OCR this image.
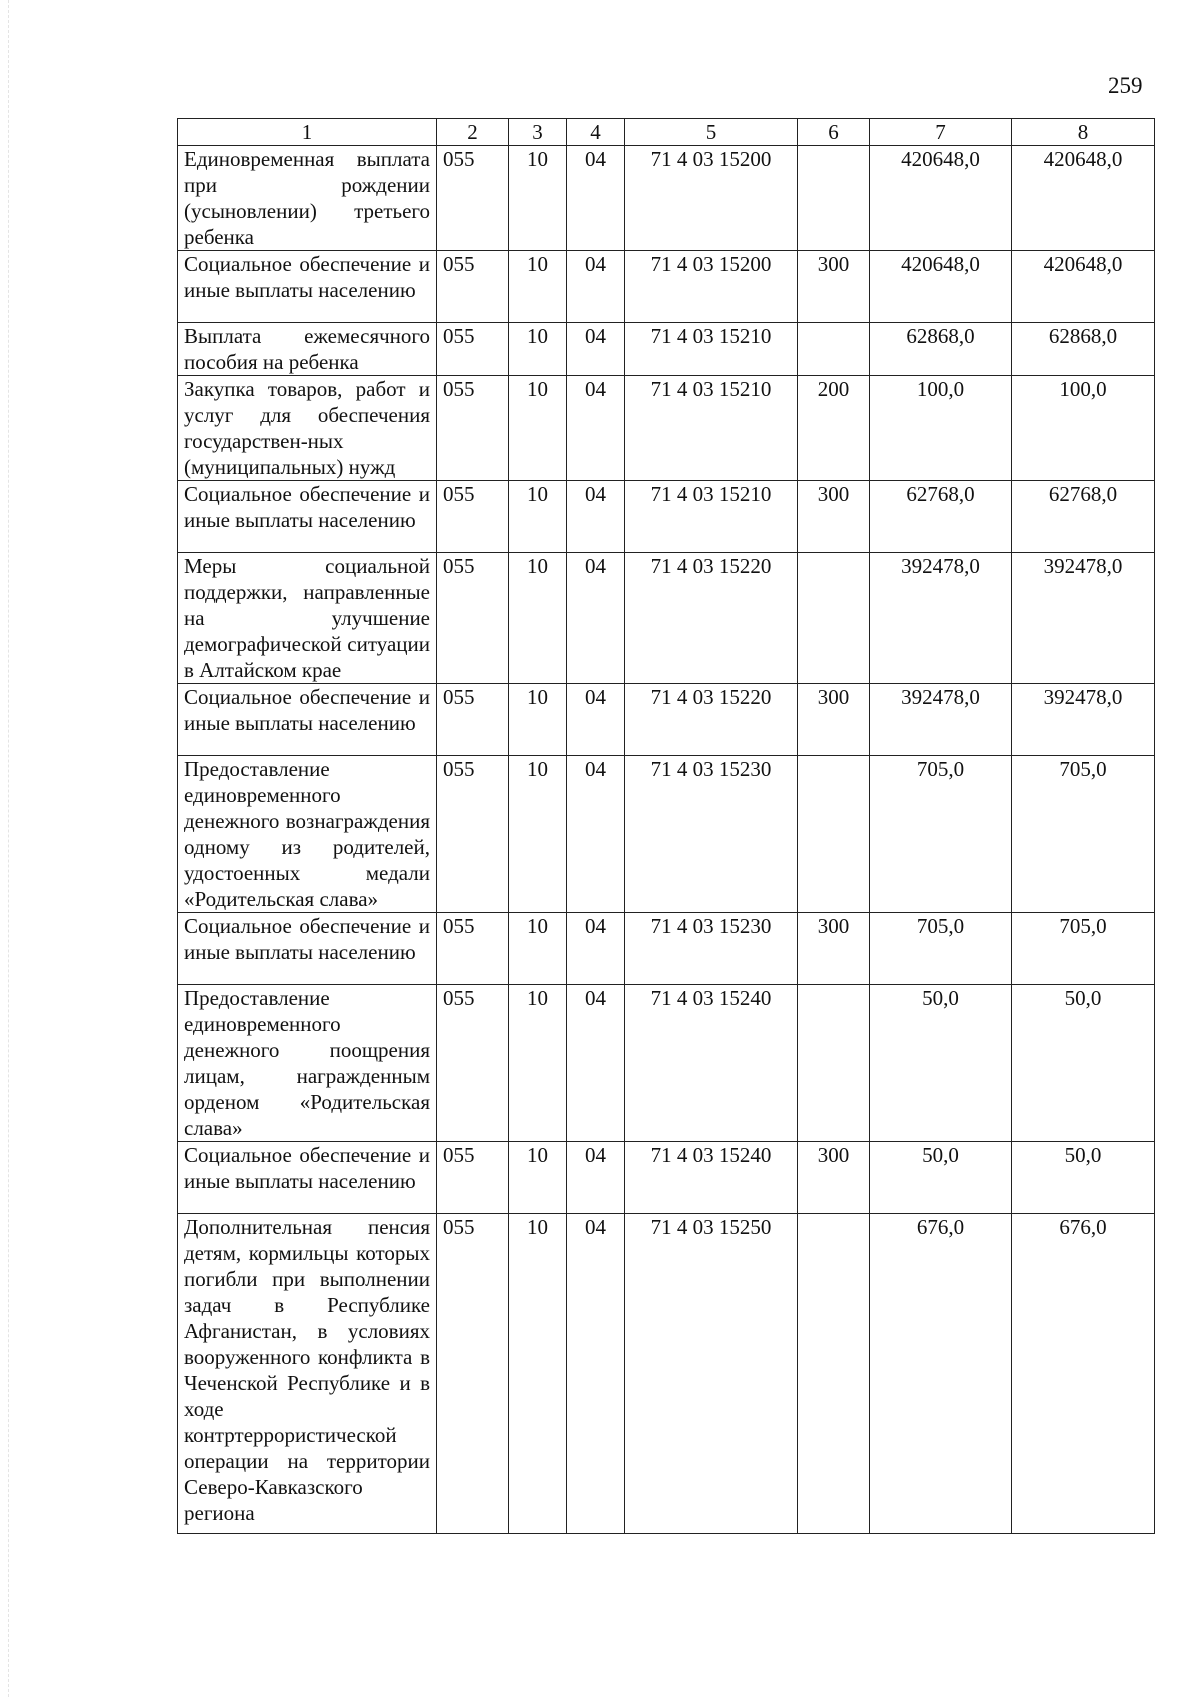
259
1	2	3	4	5	6	7	8
Единовременная выплата при рождении (усыновлении) третьего ребенка	055	10	04	71 4 03 15200		420648,0	420648,0
Социальное обеспечение и иные выплаты населению	055	10	04	71 4 03 15200	300	420648,0	420648,0
Выплата ежемесячного пособия на ребенка	055	10	04	71 4 03 15210		62868,0	62868,0
Закупка товаров, работ и услуг для обеспечения государствен-ных (муниципальных) нужд	055	10	04	71 4 03 15210	200	100,0	100,0
Социальное обеспечение и иные выплаты населению	055	10	04	71 4 03 15210	300	62768,0	62768,0
Меры социальной поддержки, направленные на улучшение демографической ситуации в Алтайском крае	055	10	04	71 4 03 15220		392478,0	392478,0
Социальное обеспечение и иные выплаты населению	055	10	04	71 4 03 15220	300	392478,0	392478,0
Предоставление единовременного денежного вознаграждения одному из родителей, удостоенных медали «Родительская слава»	055	10	04	71 4 03 15230		705,0	705,0
Социальное обеспечение и иные выплаты населению	055	10	04	71 4 03 15230	300	705,0	705,0
Предоставление единовременного денежного поощрения лицам, награжденным орденом «Родительская слава»	055	10	04	71 4 03 15240		50,0	50,0
Социальное обеспечение и иные выплаты населению	055	10	04	71 4 03 15240	300	50,0	50,0
Дополнительная пенсия детям, кормильцы которых погибли при выполнении задач в Республике Афганистан, в условиях вооруженного конфликта в Чеченской Республике и в ходе контртеррористической операции на территории Северо-Кавказского региона	055	10	04	71 4 03 15250		676,0	676,0
